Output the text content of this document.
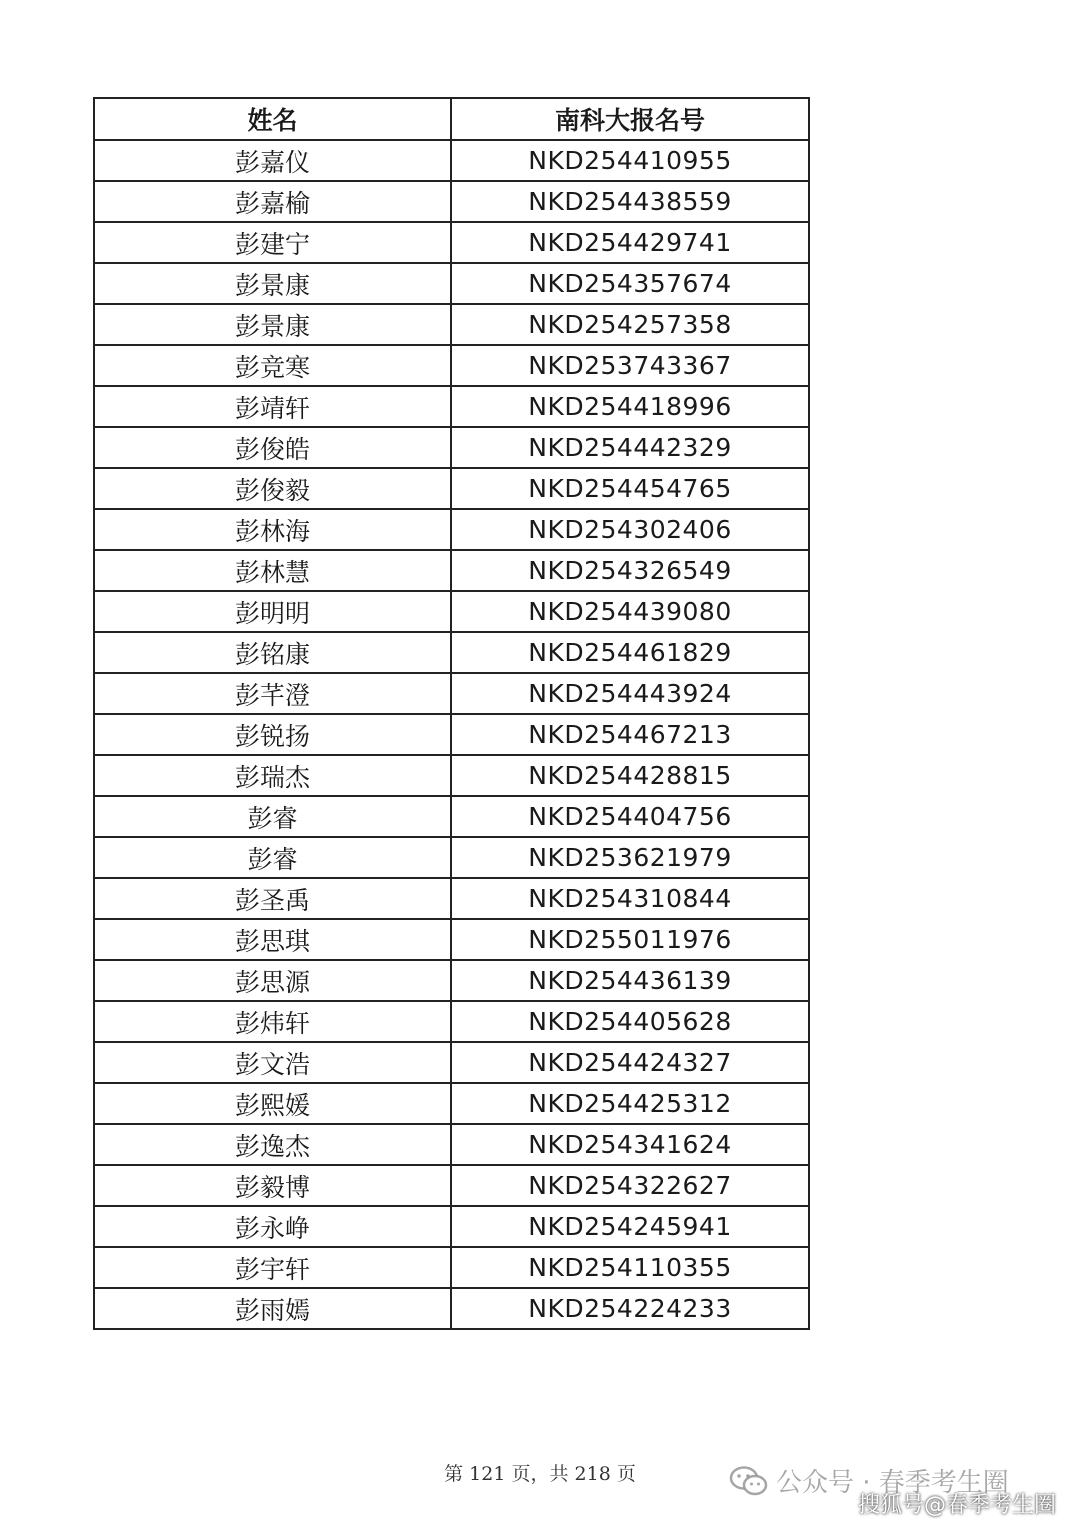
姓名	南科大报名号
彭嘉仪	NKD254410955
彭嘉榆	NKD254438559
彭建宁	NKD254429741
彭景康	NKD254357674
彭景康	NKD254257358
彭竞寒	NKD253743367
彭靖轩	NKD254418996
彭俊皓	NKD254442329
彭俊毅	NKD254454765
彭林海	NKD254302406
彭林慧	NKD254326549
彭明明	NKD254439080
彭铭康	NKD254461829
彭芊澄	NKD254443924
彭锐扬	NKD254467213
彭瑞杰	NKD254428815
彭睿	NKD254404756
彭睿	NKD253621979
彭圣禹	NKD254310844
彭思琪	NKD255011976
彭思源	NKD254436139
彭炜轩	NKD254405628
彭文浩	NKD254424327
彭熙媛	NKD254425312
彭逸杰	NKD254341624
彭毅博	NKD254322627
彭永峥	NKD254245941
彭宇轩	NKD254110355
彭雨嫣	NKD254224233
第 121 页，共 218 页	公众号 · 春季考生圈
搜狐号@春季考生圈
